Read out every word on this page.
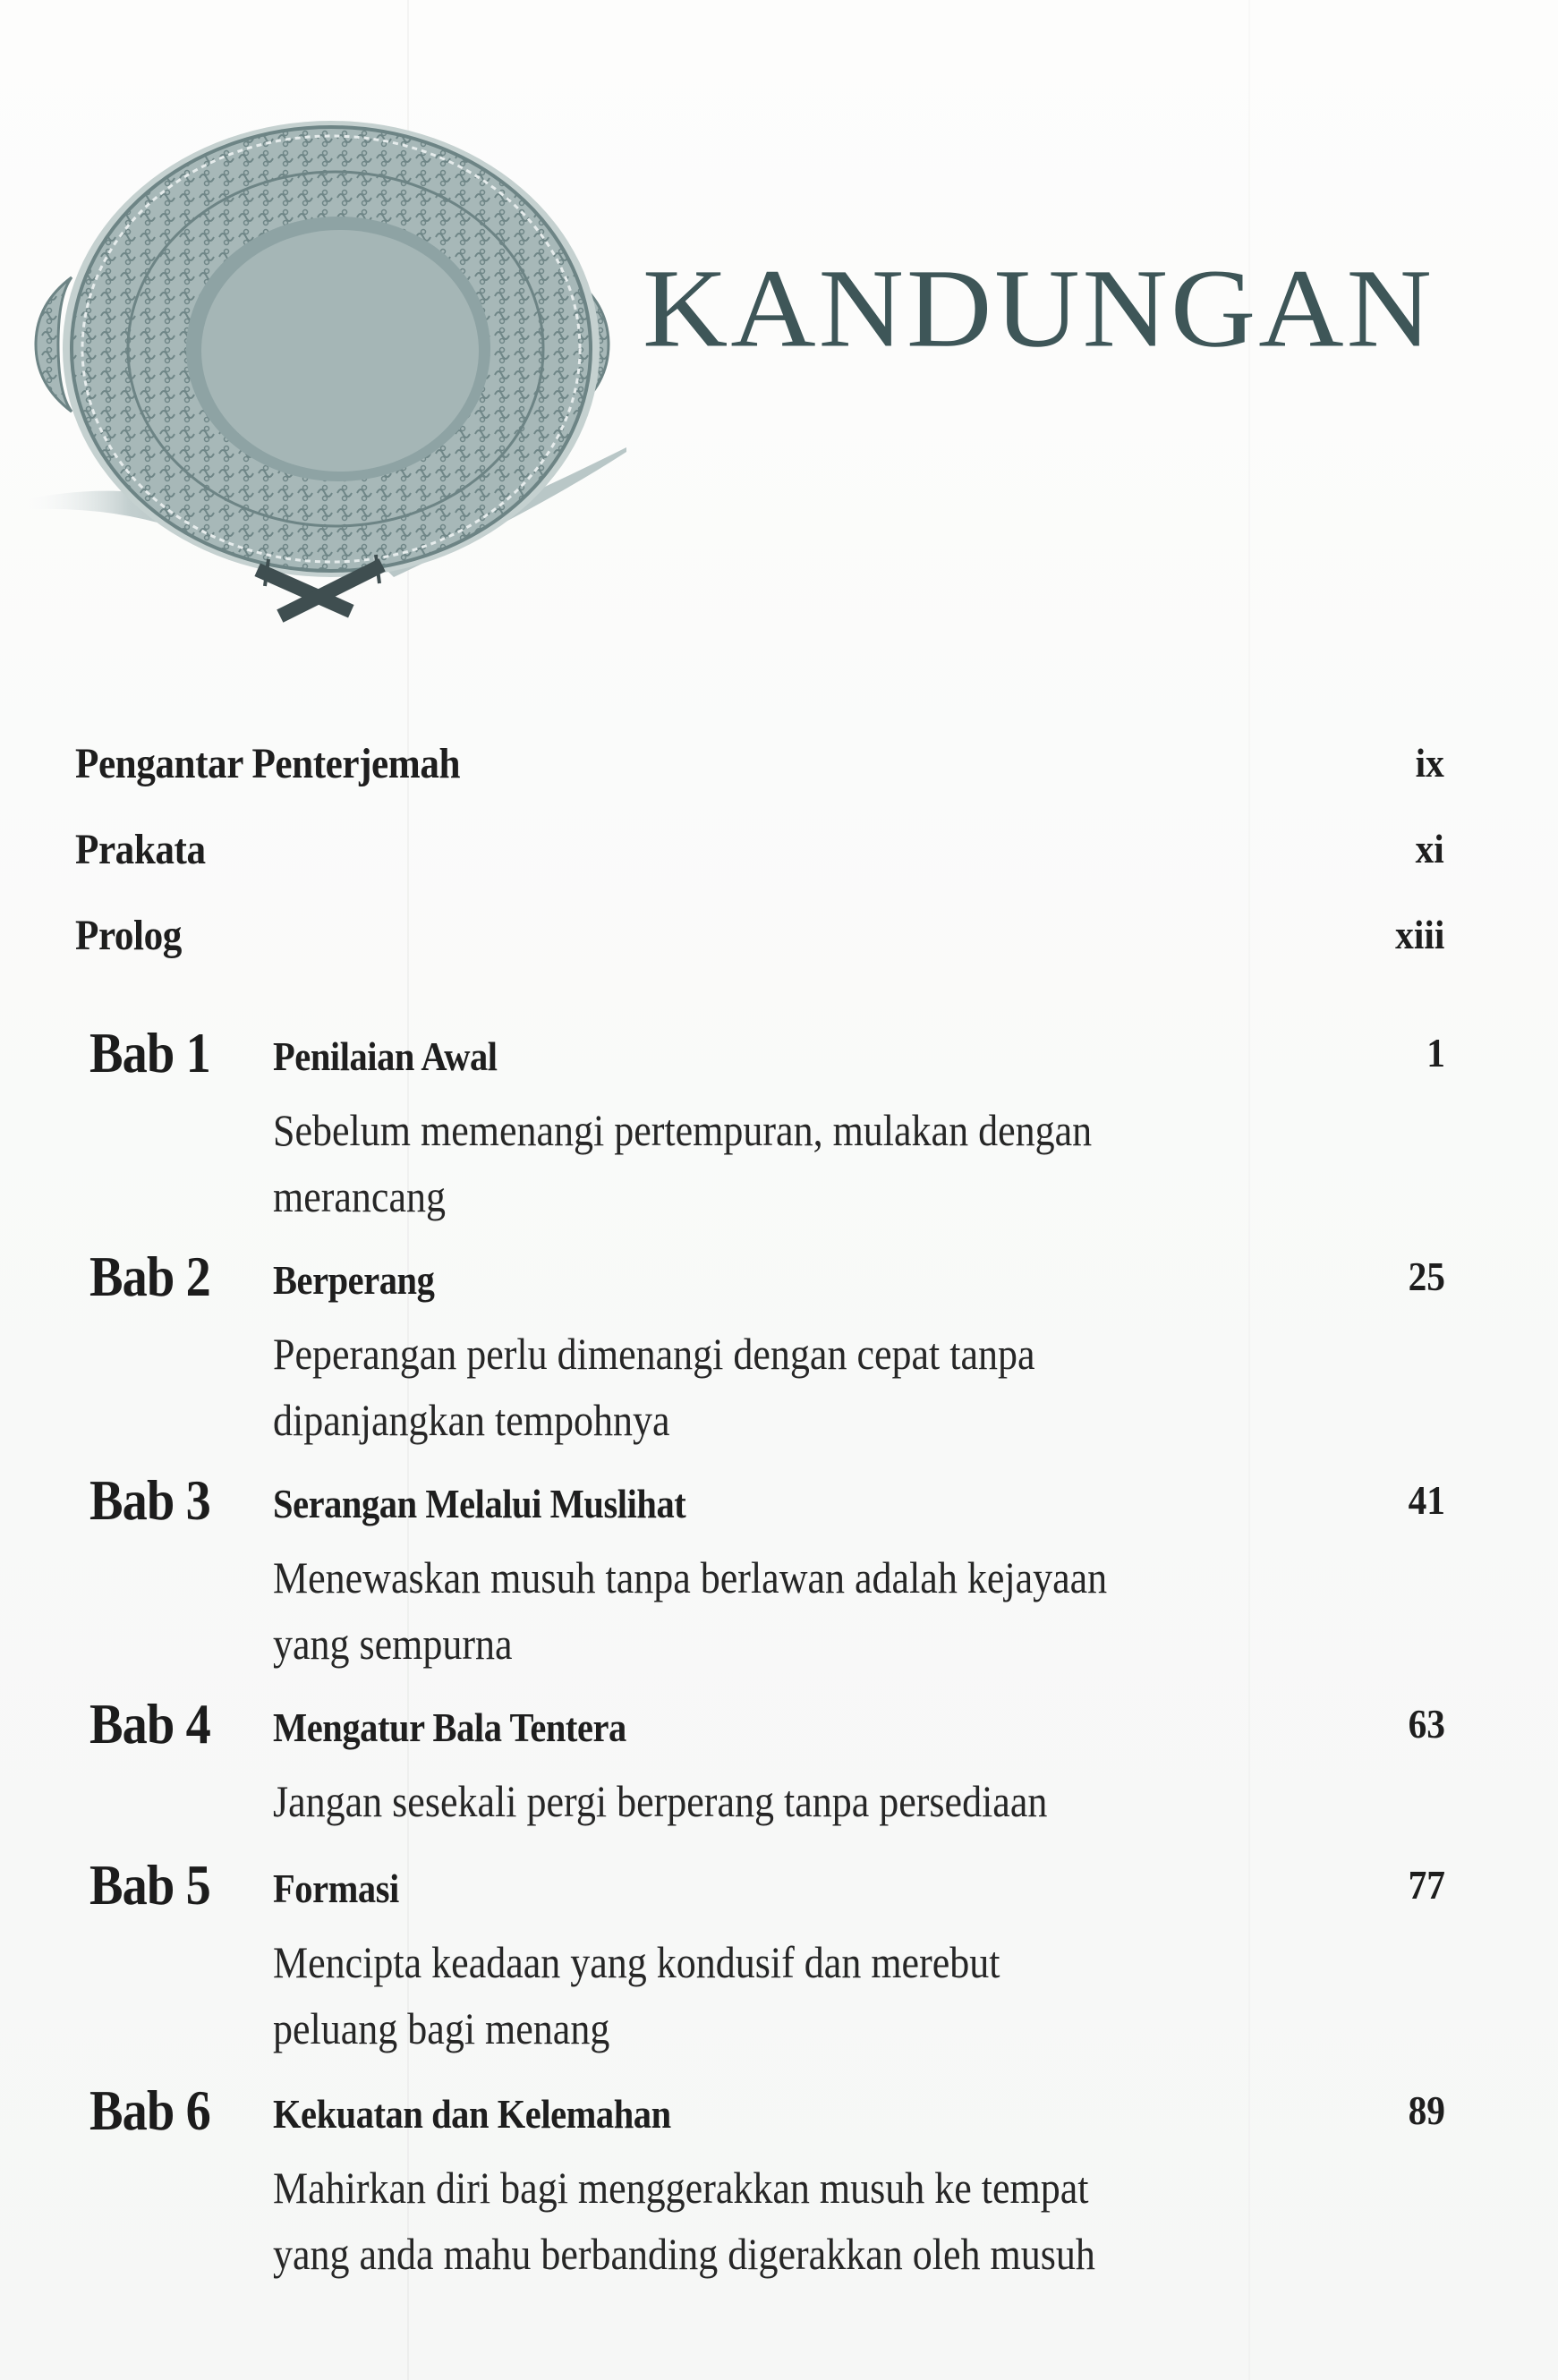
KANDUNGAN
Pengantar Penterjemah	ix
Prakata	xi
Prolog	xiii
Bab 1 Penilaian Awal	1
Sebelum memenangi pertempuran, mulakan dengan
merancang
Bab 2 Berperang	25
Peperangan perlu dimenangi dengan cepat tanpa
dipanjangkan tempohnya
Bab 3 Serangan Melalui Muslihat	41
Menewaskan musuh tanpa berlawan adalah kejayaan
yang sempurna
Bab 4 Mengatur Bala Tentera	63
Jangan sesekali pergi berperang tanpa persediaan
Bab 5 Formasi	77
Mencipta keadaan yang kondusif dan merebut
peluang bagi menang
Bab 6 Kekuatan dan Kelemahan	89
Mahirkan diri bagi menggerakkan musuh ke tempat
yang anda mahu berbanding digerakkan oleh musuh
